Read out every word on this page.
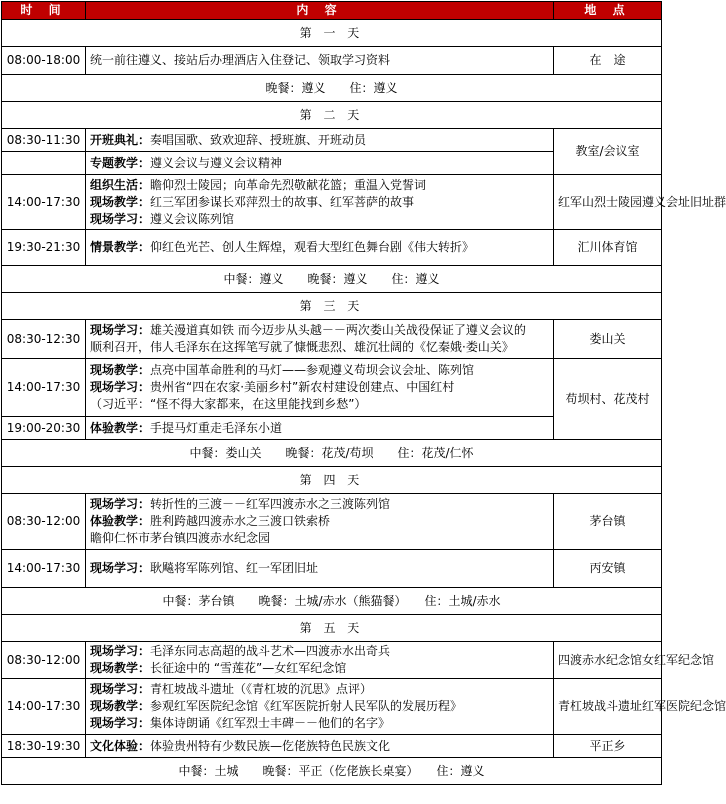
时 间	内 容	地 点
第 一 天		
08:00-18:00	统一前往遵义、接站后办理酒店入住登记、领取学习资料	在　途
晚餐：遵义　　住：遵义		
第 二 天		
08:30-11:30	开班典礼：奏唱国歌、致欢迎辞、授班旗、开班动员	教室/会议室

	专题教学：遵义会议与遵义会议精神	

14:00-17:30	组织生活：瞻仰烈士陵园；向革命先烈敬献花篮；重温入党誓词
现场教学：红三军团参谋长邓萍烈士的故事、红军菩萨的故事
现场学习：遵义会议陈列馆	红军山烈士陵园遵义会址旧址群
19:30-21:30	情景教学：仰红色光芒、创人生辉煌，观看大型红色舞台剧《伟大转折》	汇川体育馆
中餐：遵义　　晚餐：遵义　　住：遵义		
第 三 天		
08:30-12:30	现场学习：雄关漫道真如铁 而今迈步从头越－－两次娄山关战役保证了遵义会议的
顺利召开，伟人毛泽东在这挥笔写就了慷慨悲烈、雄沉壮阔的《忆秦娥·娄山关》	娄山关
14:00-17:30	现场教学：点亮中国革命胜利的马灯——参观遵义苟坝会议会址、陈列馆
现场学习：贵州省“四在农家·美丽乡村”新农村建设创建点、中国红村
（习近平：“怪不得大家都来，在这里能找到乡愁”）	苟坝村、花茂村
19:00-20:30	体验教学：手提马灯重走毛泽东小道	

中餐：娄山关　　晚餐：花茂/苟坝　　住：花茂/仁怀		
第 四 天		
08:30-12:00	现场学习：转折性的三渡－－红军四渡赤水之三渡陈列馆
体验教学：胜利跨越四渡赤水之三渡口铁索桥
瞻仰仁怀市茅台镇四渡赤水纪念园	茅台镇
14:00-17:30	现场学习：耿飚将军陈列馆、红一军团旧址	丙安镇
中餐：茅台镇　　晚餐：土城/赤水（熊猫餐）　　住：土城/赤水		
第 五 天		
08:30-12:00	现场学习：毛泽东同志高超的战斗艺术—四渡赤水出奇兵
现场教学：长征途中的 “雪莲花”—女红军纪念馆	四渡赤水纪念馆女红军纪念馆
14:00-17:30	现场学习：青杠坡战斗遗址（《青杠坡的沉思》点评）
现场教学：参观红军医院纪念馆《红军医院折射人民军队的发展历程》
现场学习：集体诗朗诵《红军烈士丰碑－－他们的名字》	青杠坡战斗遗址红军医院纪念馆
18:30-19:30	文化体验：体验贵州特有少数民族—仡佬族特色民族文化	平正乡
中餐：土城　　晚餐：平正（仡佬族长桌宴）　　住：遵义		
